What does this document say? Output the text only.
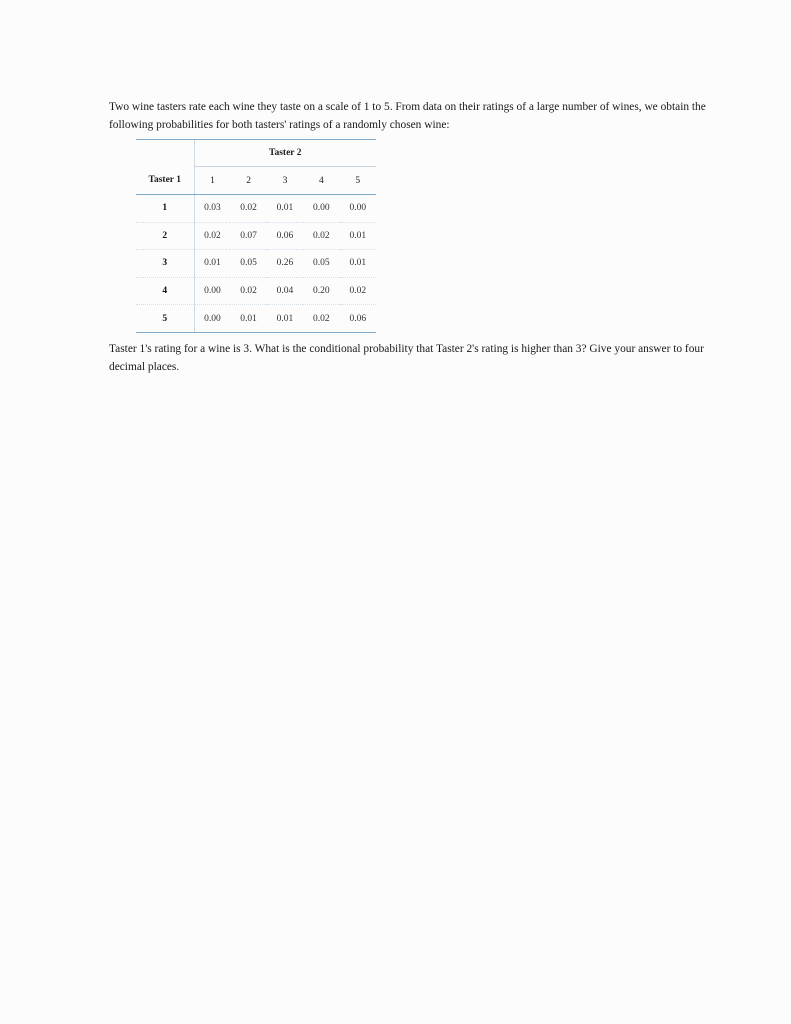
Two wine tasters rate each wine they taste on a scale of 1 to 5. From data on their ratings of a large number of wines, we obtain the following probabilities for both tasters' ratings of a randomly chosen wine:

	Taster 2				
Taster 1	1	2	3	4	5
1	0.03	0.02	0.01	0.00	0.00
2	0.02	0.07	0.06	0.02	0.01
3	0.01	0.05	0.26	0.05	0.01
4	0.00	0.02	0.04	0.20	0.02
5	0.00	0.01	0.01	0.02	0.06

Taster 1's rating for a wine is 3. What is the conditional probability that Taster 2's rating is higher than 3? Give your answer to four decimal places.
